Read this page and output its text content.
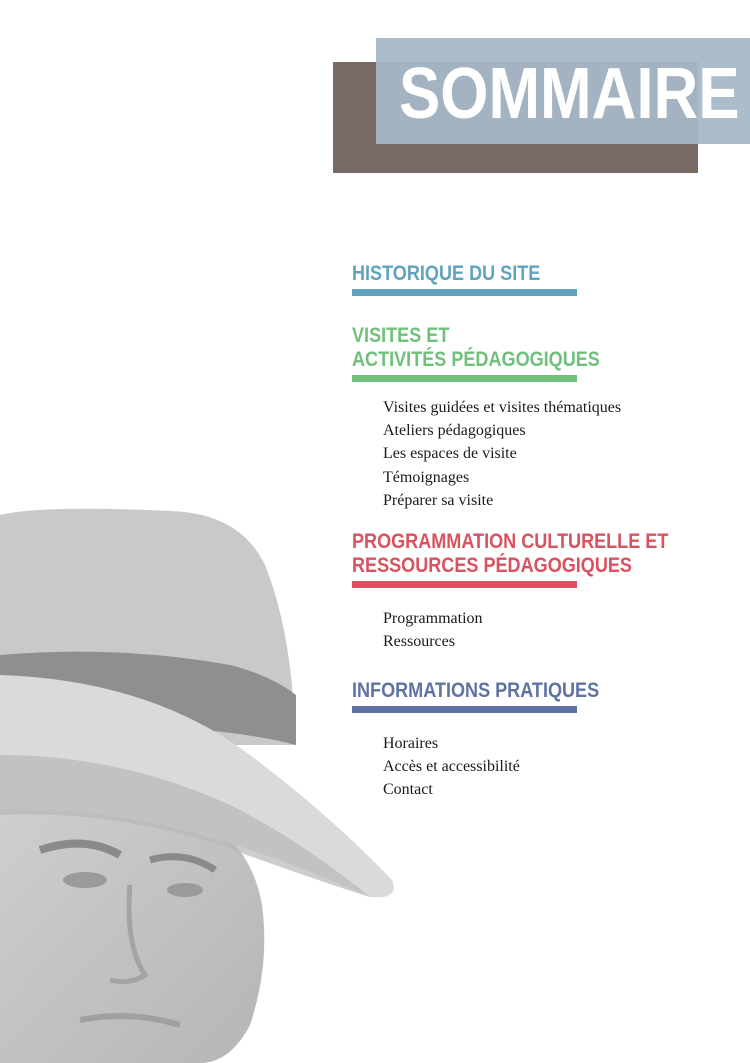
SOMMAIRE
HISTORIQUE DU SITE
VISITES ET
ACTIVITÉS PÉDAGOGIQUES
Visites guidées et visites thématiques
Ateliers pédagogiques
Les espaces de visite
Témoignages
Préparer sa visite
PROGRAMMATION CULTURELLE ET
RESSOURCES PÉDAGOGIQUES
Programmation
Ressources
INFORMATIONS PRATIQUES
Horaires
Accès et accessibilité
Contact
